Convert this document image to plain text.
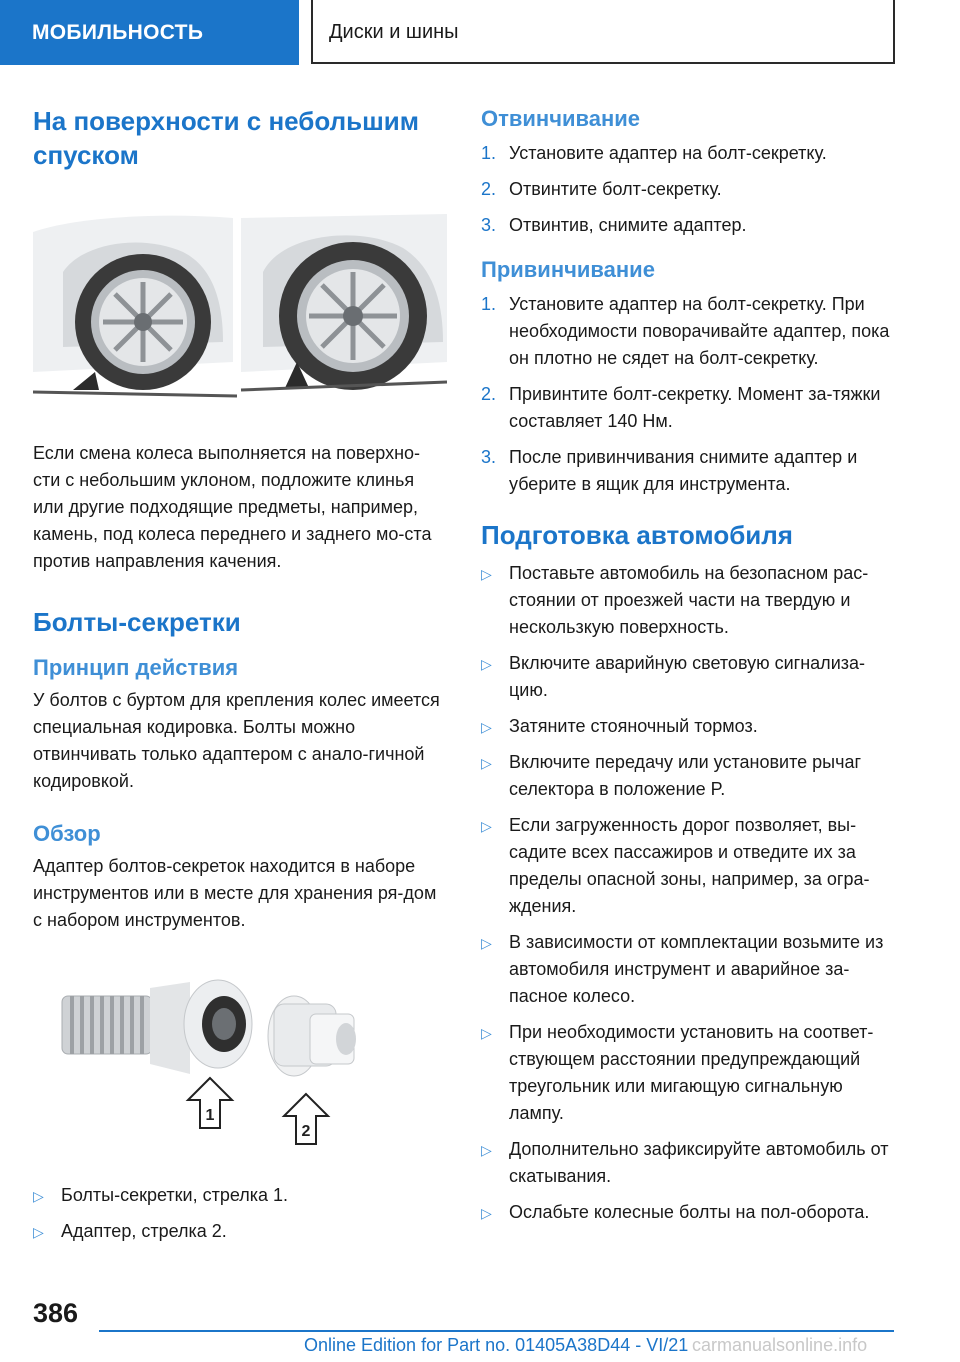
МОБИЛЬНОСТЬ	Диски и шины
На поверхности с небольшим спуском

Если смена колеса выполняется на поверхно-сти с небольшим уклоном, подложите клинья или другие подходящие предметы, например, камень, под колеса переднего и заднего мо-ста против направления качения.

Болты-секретки
Принцип действия

У болтов с буртом для крепления колес имеется специальная кодировка. Болты можно отвинчивать только адаптером с анало-гичной кодировкой.

Обзор

Адаптер болтов-секреток находится в наборе инструментов или в месте для хранения ря-дом с набором инструментов.

1
2
▷ Болты-секретки, стрелка 1.
▷ Адаптер, стрелка 2.
Отвинчивание
1. Установите адаптер на болт-секретку.
2. Отвинтите болт-секретку.
3. Отвинтив, снимите адаптер.
Привинчивание
1. Установите адаптер на болт-секретку. При необходимости поворачивайте адаптер, пока он плотно не сядет на болт-секретку.
2. Привинтите болт-секретку. Момент за-тяжки составляет 140 Нм.
3. После привинчивания снимите адаптер и уберите в ящик для инструмента.
Подготовка автомобиля
▷ Поставьте автомобиль на безопасном рас-стоянии от проезжей части на твердую и нескользкую поверхность.
▷ Включите аварийную световую сигнализа-цию.
▷ Затяните стояночный тормоз.
▷ Включите передачу или установите рычаг селектора в положение P.
▷ Если загруженность дорог позволяет, вы-садите всех пассажиров и отведите их за пределы опасной зоны, например, за огра-ждения.
▷ В зависимости от комплектации возьмите из автомобиля инструмент и аварийное за-пасное колесо.
▷ При необходимости установить на соответ-ствующем расстоянии предупреждающий треугольник или мигающую сигнальную лампу.
▷ Дополнительно зафиксируйте автомобиль от скатывания.
▷ Ослабьте колесные болты на пол-оборота.
386
Online Edition for Part no. 01405A38D44 - VI/21 carmanualsonline.info
